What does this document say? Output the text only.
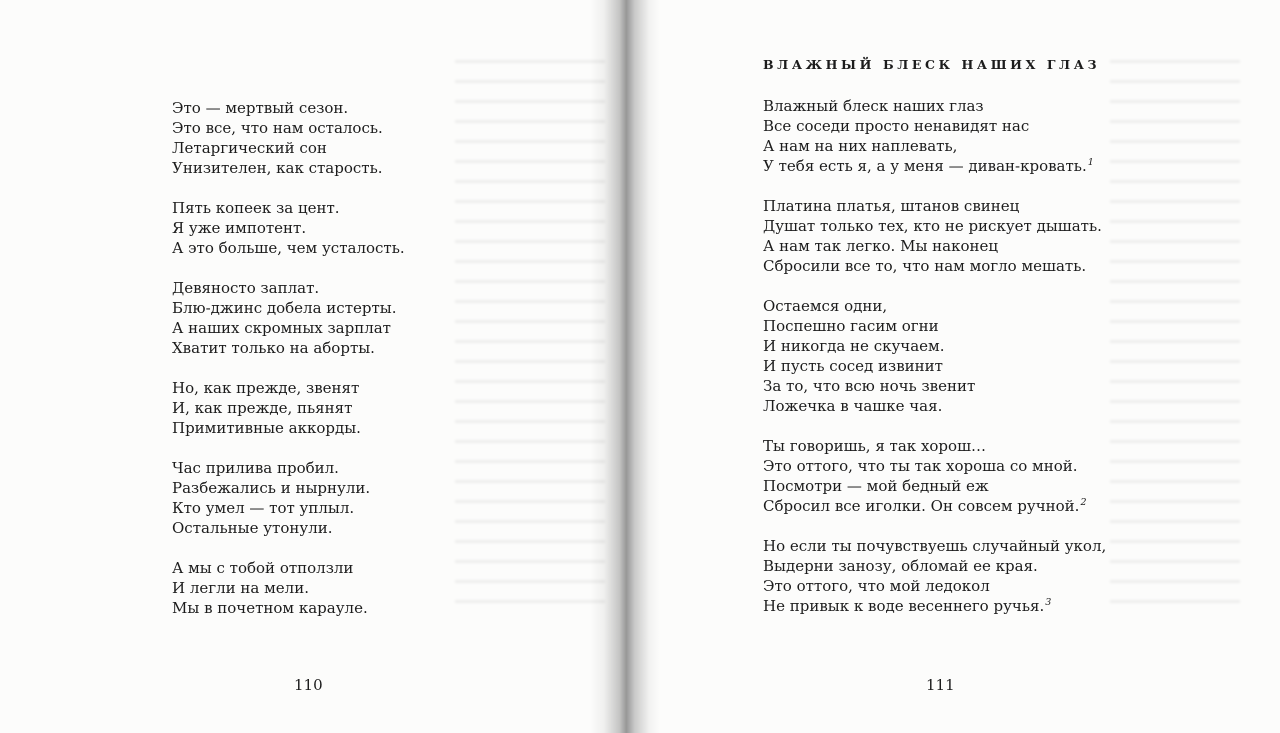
Это — мертвый сезон.
Это все, что нам осталось.
Летаргический сон
Унизителен, как старость.
Пять копеек за цент.
Я уже импотент.
А это больше, чем усталость.
Девяносто заплат.
Блю-джинс добела истерты.
А наших скромных зарплат
Хватит только на аборты.
Но, как прежде, звенят
И, как прежде, пьянят
Примитивные аккорды.
Час прилива пробил.
Разбежались и нырнули.
Кто умел — тот уплыл.
Остальные утонули.
А мы с тобой отползли
И легли на мели.
Мы в почетном карауле.
110
ВЛАЖНЫЙ БЛЕСК НАШИХ ГЛАЗ
Влажный блеск наших глаз
Все соседи просто ненавидят нас
А нам на них наплевать,
У тебя есть я, а у меня — диван-кровать.$^1$
Платина платья, штанов свинец
Душат только тех, кто не рискует дышать.
А нам так легко. Мы наконец
Сбросили все то, что нам могло мешать.
Остаемся одни,
Поспешно гасим огни
И никогда не скучаем.
И пусть сосед извинит
За то, что всю ночь звенит
Ложечка в чашке чая.
Ты говоришь, я так хорош…
Это оттого, что ты так хороша со мной.
Посмотри — мой бедный еж
Сбросил все иголки. Он совсем ручной.$^2$
Но если ты почувствуешь случайный укол,
Выдерни занозу, обломай ее края.
Это оттого, что мой ледокол
Не привык к воде весеннего ручья.$^3$
111
